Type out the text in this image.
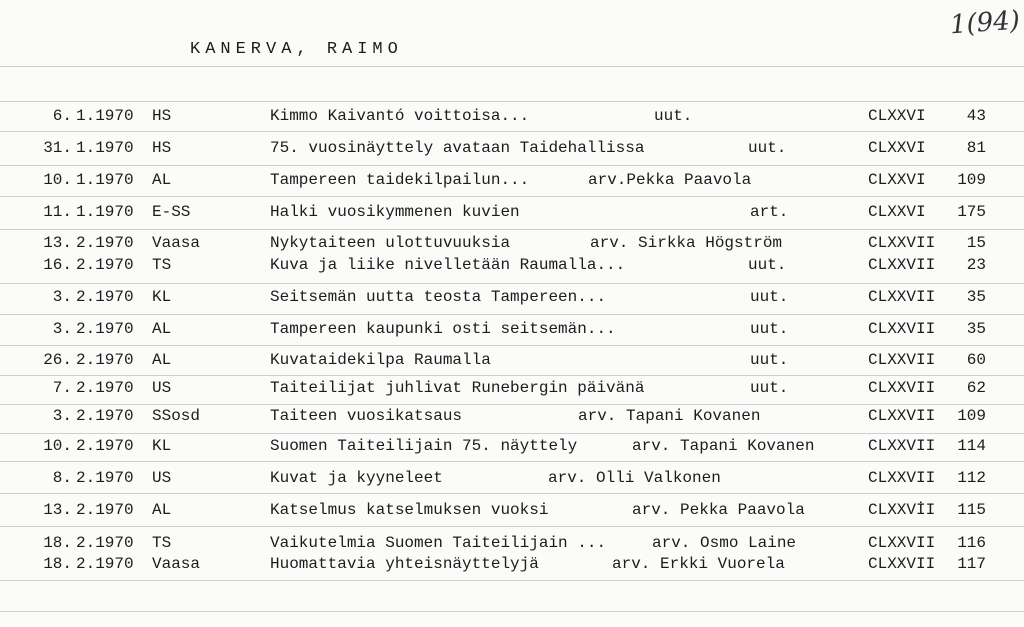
KANERVA, RAIMO
1(94)
6. 1.1970 HS	Kimmo Kaivantó voittoisa...	uut.	CLXXVI	43
31. 1.1970 HS	75. vuosinäyttely avataan Taidehallissa	uut.	CLXXVI	81
10. 1.1970 AL	Tampereen taidekilpailun...	arv.Pekka Paavola	CLXXVI	109
11. 1.1970 E-SS	Halki vuosikymmenen kuvien	art.	CLXXVI	175
13. 2.1970 Vaasa	Nykytaiteen ulottuvuuksia	arv. Sirkka Högström	CLXXVII	15
16. 2.1970 TS	Kuva ja liike nivelletään Raumalla...	uut.	CLXXVII	23
3. 2.1970 KL	Seitsemän uutta teosta Tampereen...	uut.	CLXXVII	35
3. 2.1970 AL	Tampereen kaupunki osti seitsemän...	uut.	CLXXVII	35
26. 2.1970 AL	Kuvataidekilpa Raumalla	uut.	CLXXVII	60
7. 2.1970 US	Taiteilijat juhlivat Runebergin päivänä	uut.	CLXXVII	62
3. 2.1970 SSosd	Taiteen vuosikatsaus	arv. Tapani Kovanen	CLXXVII	109
10. 2.1970 KL	Suomen Taiteilijain 75. näyttely	arv. Tapani Kovanen	CLXXVII	114
8. 2.1970 US	Kuvat ja kyyneleet	arv. Olli Valkonen	CLXXVII	112
13. 2.1970 AL	Katselmus katselmuksen vuoksi	arv. Pekka Paavola	CLXXVİI	115
18. 2.1970 TS	Vaikutelmia Suomen Taiteilijain ...	arv. Osmo Laine	CLXXVII	116
18. 2.1970 Vaasa	Huomattavia yhteisnäyttelyjä	arv. Erkki Vuorela	CLXXVII	117
